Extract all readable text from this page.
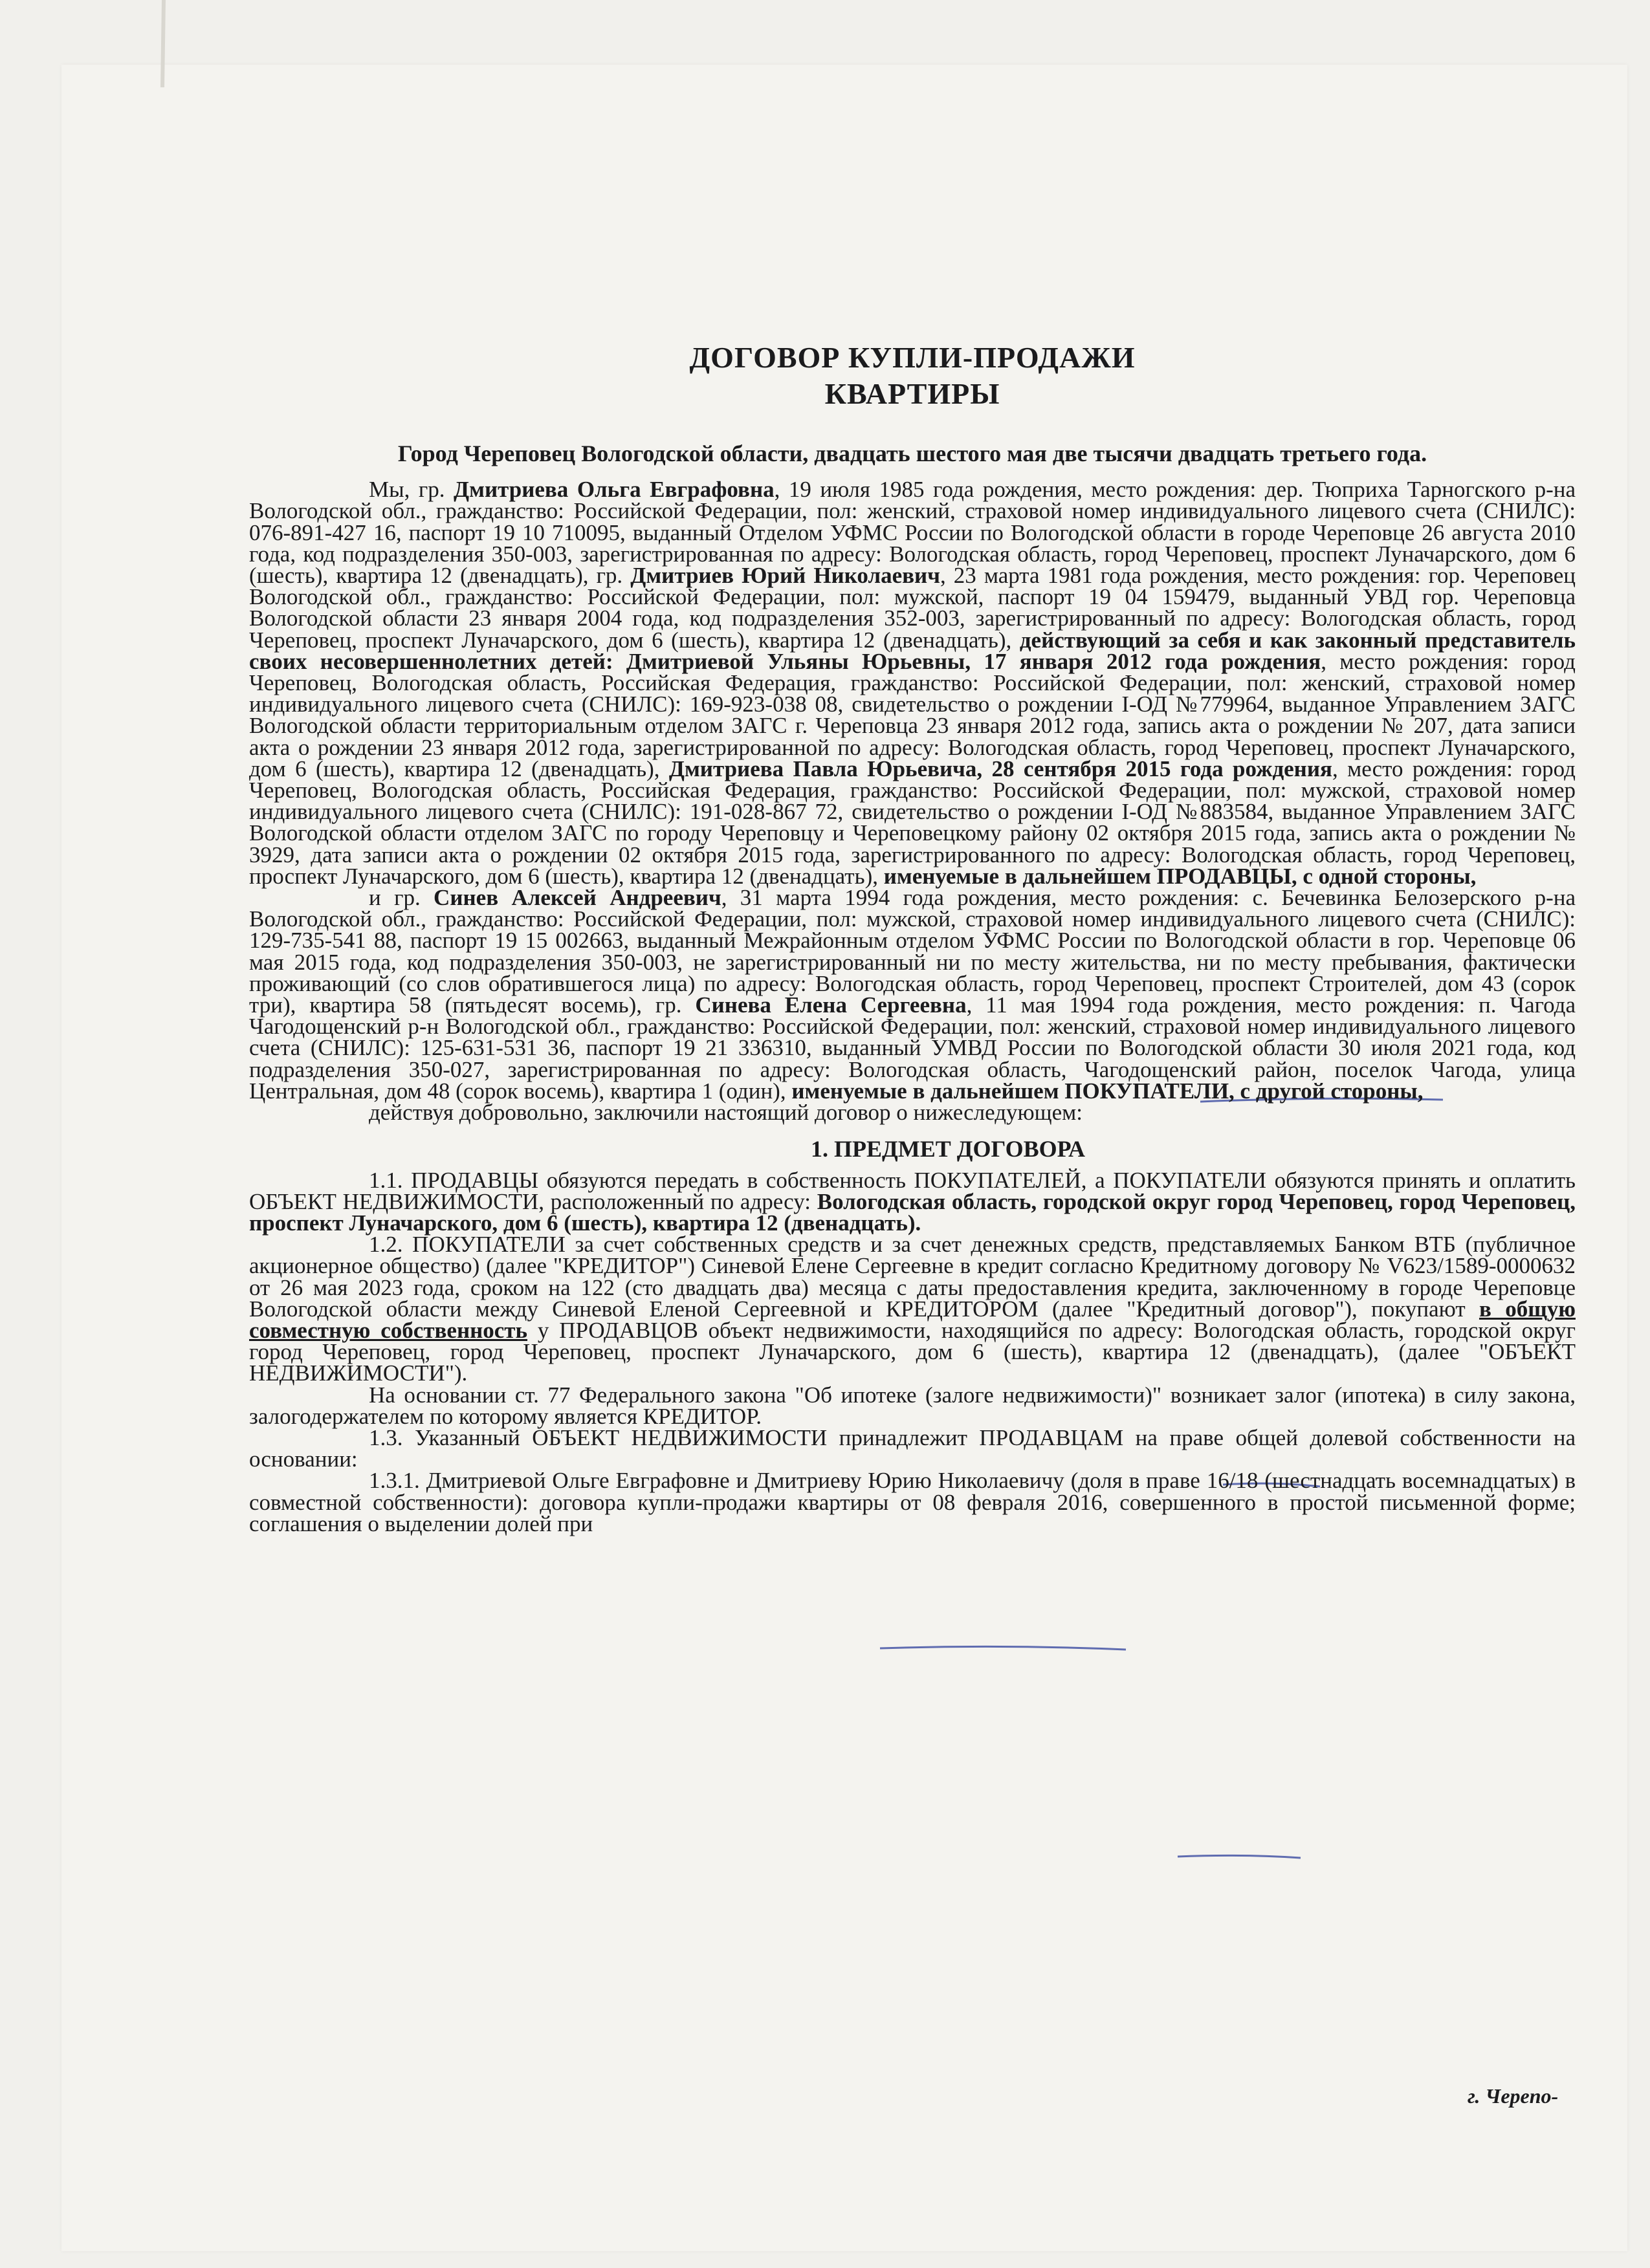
ДОГОВОР КУПЛИ-ПРОДАЖИ
КВАРТИРЫ

Город Череповец Вологодской области, двадцать шестого мая две тысячи двадцать третьего года.

Мы, гр. Дмитриева Ольга Евграфовна, 19 июля 1985 года рождения, место рождения: дер. Тюприха Тарногского р-на Вологодской обл., гражданство: Российской Федерации, пол: женский, страховой номер индивидуального лицевого счета (СНИЛС): 076-891-427 16, паспорт 19 10 710095, выданный Отделом УФМС России по Вологодской области в городе Череповце 26 августа 2010 года, код подразделения 350-003, зарегистрированная по адресу: Вологодская область, город Череповец, проспект Луначарского, дом 6 (шесть), квартира 12 (двенадцать), гр. Дмитриев Юрий Николаевич, 23 марта 1981 года рождения, место рождения: гор. Череповец Вологодской обл., гражданство: Российской Федерации, пол: мужской, паспорт 19 04 159479, выданный УВД гор. Череповца Вологодской области 23 января 2004 года, код подразделения 352-003, зарегистрированный по адресу: Вологодская область, город Череповец, проспект Луначарского, дом 6 (шесть), квартира 12 (двенадцать), действующий за себя и как законный представитель своих несовершеннолетних детей: Дмитриевой Ульяны Юрьевны, 17 января 2012 года рождения, место рождения: город Череповец, Вологодская область, Российская Федерация, гражданство: Российской Федерации, пол: женский, страховой номер индивидуального лицевого счета (СНИЛС): 169-923-038 08, свидетельство о рождении I-ОД №779964, выданное Управлением ЗАГС Вологодской области территориальным отделом ЗАГС г. Череповца 23 января 2012 года, запись акта о рождении № 207, дата записи акта о рождении 23 января 2012 года, зарегистрированной по адресу: Вологодская область, город Череповец, проспект Луначарского, дом 6 (шесть), квартира 12 (двенадцать), Дмитриева Павла Юрьевича, 28 сентября 2015 года рождения, место рождения: город Череповец, Вологодская область, Российская Федерация, гражданство: Российской Федерации, пол: мужской, страховой номер индивидуального лицевого счета (СНИЛС): 191-028-867 72, свидетельство о рождении I-ОД №883584, выданное Управлением ЗАГС Вологодской области отделом ЗАГС по городу Череповцу и Череповецкому району 02 октября 2015 года, запись акта о рождении № 3929, дата записи акта о рождении 02 октября 2015 года, зарегистрированного по адресу: Вологодская область, город Череповец, проспект Луначарского, дом 6 (шесть), квартира 12 (двенадцать), именуемые в дальнейшем ПРОДАВЦЫ, с одной стороны,

и гр. Синев Алексей Андреевич, 31 марта 1994 года рождения, место рождения: с. Бечевинка Белозерского р-на Вологодской обл., гражданство: Российской Федерации, пол: мужской, страховой номер индивидуального лицевого счета (СНИЛС): 129-735-541 88, паспорт 19 15 002663, выданный Межрайонным отделом УФМС России по Вологодской области в гор. Череповце 06 мая 2015 года, код подразделения 350-003, не зарегистрированный ни по месту жительства, ни по месту пребывания, фактически проживающий (со слов обратившегося лица) по адресу: Вологодская область, город Череповец, проспект Строителей, дом 43 (сорок три), квартира 58 (пятьдесят восемь), гр. Синева Елена Сергеевна, 11 мая 1994 года рождения, место рождения: п. Чагода Чагодощенский р-н Вологодской обл., гражданство: Российской Федерации, пол: женский, страховой номер индивидуального лицевого счета (СНИЛС): 125-631-531 36, паспорт 19 21 336310, выданный УМВД России по Вологодской области 30 июля 2021 года, код подразделения 350-027, зарегистрированная по адресу: Вологодская область, Чагодощенский район, поселок Чагода, улица Центральная, дом 48 (сорок восемь), квартира 1 (один), именуемые в дальнейшем ПОКУПАТЕЛИ, с другой стороны,

действуя добровольно, заключили настоящий договор о нижеследующем:

1. ПРЕДМЕТ ДОГОВОРА

1.1. ПРОДАВЦЫ обязуются передать в собственность ПОКУПАТЕЛЕЙ, а ПОКУПАТЕЛИ обязуются принять и оплатить ОБЪЕКТ НЕДВИЖИМОСТИ, расположенный по адресу: Вологодская область, городской округ город Череповец, город Череповец, проспект Луначарского, дом 6 (шесть), квартира 12 (двенадцать).

1.2. ПОКУПАТЕЛИ за счет собственных средств и за счет денежных средств, представляемых Банком ВТБ (публичное акционерное общество) (далее "КРЕДИТОР") Синевой Елене Сергеевне в кредит согласно Кредитному договору № V623/1589-0000632 от 26 мая 2023 года, сроком на 122 (сто двадцать два) месяца с даты предоставления кредита, заключенному в городе Череповце Вологодской области между Синевой Еленой Сергеевной и КРЕДИТОРОМ (далее "Кредитный договор"), покупают в общую совместную собственность у ПРОДАВЦОВ объект недвижимости, находящийся по адресу: Вологодская область, городской округ город Череповец, город Череповец, проспект Луначарского, дом 6 (шесть), квартира 12 (двенадцать), (далее "ОБЪЕКТ НЕДВИЖИМОСТИ").

На основании ст. 77 Федерального закона "Об ипотеке (залоге недвижимости)" возникает залог (ипотека) в силу закона, залогодержателем по которому является КРЕДИТОР.

1.3. Указанный ОБЪЕКТ НЕДВИЖИМОСТИ принадлежит ПРОДАВЦАМ на праве общей долевой собственности на основании:

1.3.1. Дмитриевой Ольге Евграфовне и Дмитриеву Юрию Николаевичу (доля в праве 16/18 (шестнадцать восемнадцатых) в совместной собственности): договора купли-продажи квартиры от 08 февраля 2016, совершенного в простой письменной форме; соглашения о выделении долей при

г. Черепо-
